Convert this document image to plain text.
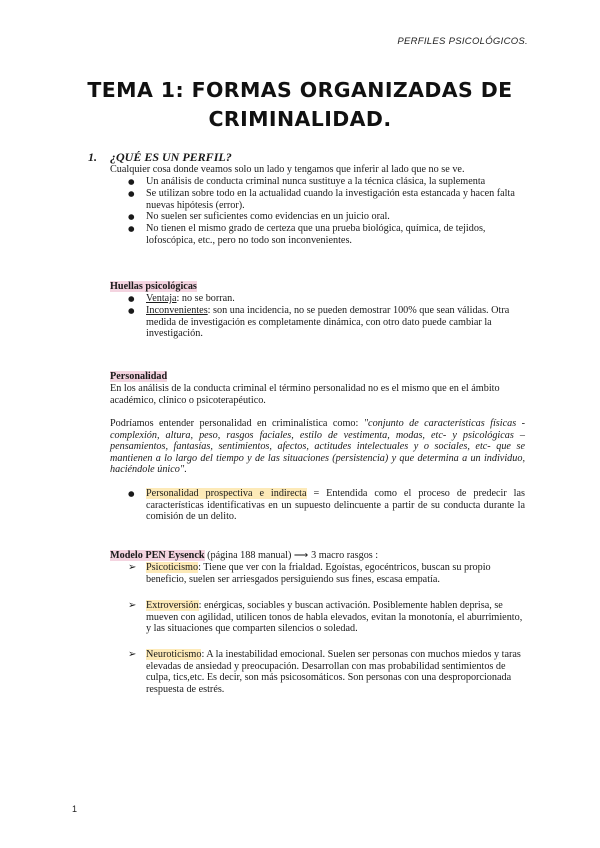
PERFILES PSICOLÓGICOS.
TEMA 1: FORMAS ORGANIZADAS DE
CRIMINALIDAD.
1. ¿QUÉ ES UN PERFIL?
Cualquier cosa donde veamos solo un lado y tengamos que inferir al lado que no se ve.
● Un análisis de conducta criminal nunca sustituye a la técnica clásica, la suplementa
● Se utilizan sobre todo en la actualidad cuando la investigación esta estancada y hacen falta nuevas hipótesis (error).
● No suelen ser suficientes como evidencias en un juicio oral.
● No tienen el mismo grado de certeza que una prueba biológica, química, de tejidos, lofoscópica, etc., pero no todo son inconvenientes.
Huellas psicológicas
● Ventaja: no se borran.
● Inconvenientes: son una incidencia, no se pueden demostrar 100% que sean válidas. Otra medida de investigación es completamente dinámica, con otro dato puede cambiar la investigación.
Personalidad
En los análisis de la conducta criminal el término personalidad no es el mismo que en el ámbito académico, clínico o psicoterapéutico.
Podríamos entender personalidad en criminalística como: "conjunto de características físicas -complexión, altura, peso, rasgos faciales, estilo de vestimenta, modas, etc- y psicológicas – pensamientos, fantasías, sentimientos, afectos, actitudes intelectuales y o sociales, etc- que se mantienen a lo largo del tiempo y de las situaciones (persistencia) y que determina a un individuo, haciéndole único".
● Personalidad prospectiva e indirecta = Entendida como el proceso de predecir las características identificativas en un supuesto delincuente a partir de su conducta durante la comisión de un delito.
Modelo PEN Eysenck (página 188 manual) ⟶ 3 macro rasgos :
➢ Psicoticismo: Tiene que ver con la frialdad. Egoístas, egocéntricos, buscan su propio beneficio, suelen ser arriesgados persiguiendo sus fines, escasa empatía.
➢ Extroversión: enérgicas, sociables y buscan activación. Posiblemente hablen deprisa, se mueven con agilidad, utilicen tonos de habla elevados, evitan la monotonía, el aburrimiento, y las situaciones que comparten silencios o soledad.
➢ Neuroticismo: A la inestabilidad emocional. Suelen ser personas con muchos miedos y taras elevadas de ansiedad y preocupación. Desarrollan con mas probabilidad sentimientos de culpa, tics,etc. Es decir, son más psicosomáticos. Son personas con una desproporcionada respuesta de estrés.
1
